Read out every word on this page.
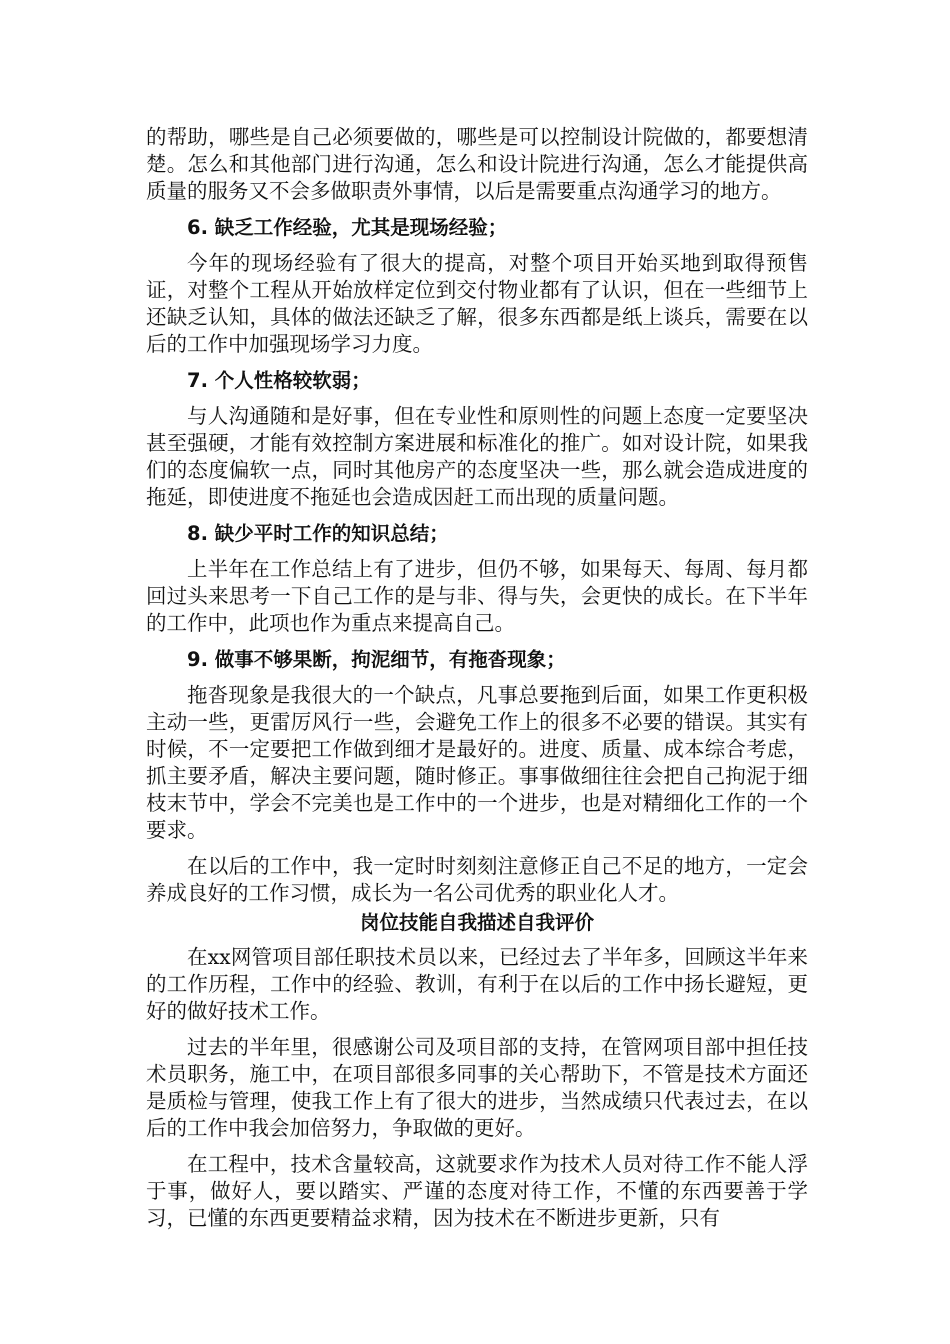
的帮助，哪些是自己必须要做的，哪些是可以控制设计院做的，都要想清楚。怎么和其他部门进行沟通，怎么和设计院进行沟通，怎么才能提供高质量的服务又不会多做职责外事情，以后是需要重点沟通学习的地方。

6. 缺乏工作经验，尤其是现场经验；

今年的现场经验有了很大的提高，对整个项目开始买地到取得预售证，对整个工程从开始放样定位到交付物业都有了认识，但在一些细节上还缺乏认知，具体的做法还缺乏了解，很多东西都是纸上谈兵，需要在以后的工作中加强现场学习力度。

7. 个人性格较软弱；

与人沟通随和是好事，但在专业性和原则性的问题上态度一定要坚决甚至强硬，才能有效控制方案进展和标准化的推广。如对设计院，如果我们的态度偏软一点，同时其他房产的态度坚决一些，那么就会造成进度的拖延，即使进度不拖延也会造成因赶工而出现的质量问题。

8. 缺少平时工作的知识总结；

上半年在工作总结上有了进步，但仍不够，如果每天、每周、每月都回过头来思考一下自己工作的是与非、得与失，会更快的成长。在下半年的工作中，此项也作为重点来提高自己。

9. 做事不够果断，拘泥细节，有拖沓现象；

拖沓现象是我很大的一个缺点，凡事总要拖到后面，如果工作更积极主动一些，更雷厉风行一些，会避免工作上的很多不必要的错误。其实有时候，不一定要把工作做到细才是最好的。进度、质量、成本综合考虑，抓主要矛盾，解决主要问题，随时修正。事事做细往往会把自己拘泥于细枝末节中，学会不完美也是工作中的一个进步，也是对精细化工作的一个要求。

在以后的工作中，我一定时时刻刻注意修正自己不足的地方，一定会养成良好的工作习惯，成长为一名公司优秀的职业化人才。

岗位技能自我描述自我评价

在xx网管项目部任职技术员以来，已经过去了半年多，回顾这半年来的工作历程，工作中的经验、教训，有利于在以后的工作中扬长避短，更好的做好技术工作。

过去的半年里，很感谢公司及项目部的支持，在管网项目部中担任技术员职务，施工中，在项目部很多同事的关心帮助下，不管是技术方面还是质检与管理，使我工作上有了很大的进步，当然成绩只代表过去，在以后的工作中我会加倍努力，争取做的更好。

在工程中，技术含量较高，这就要求作为技术人员对待工作不能人浮于事，做好人，要以踏实、严谨的态度对待工作，不懂的东西要善于学习，已懂的东西更要精益求精，因为技术在不断进步更新，只有
